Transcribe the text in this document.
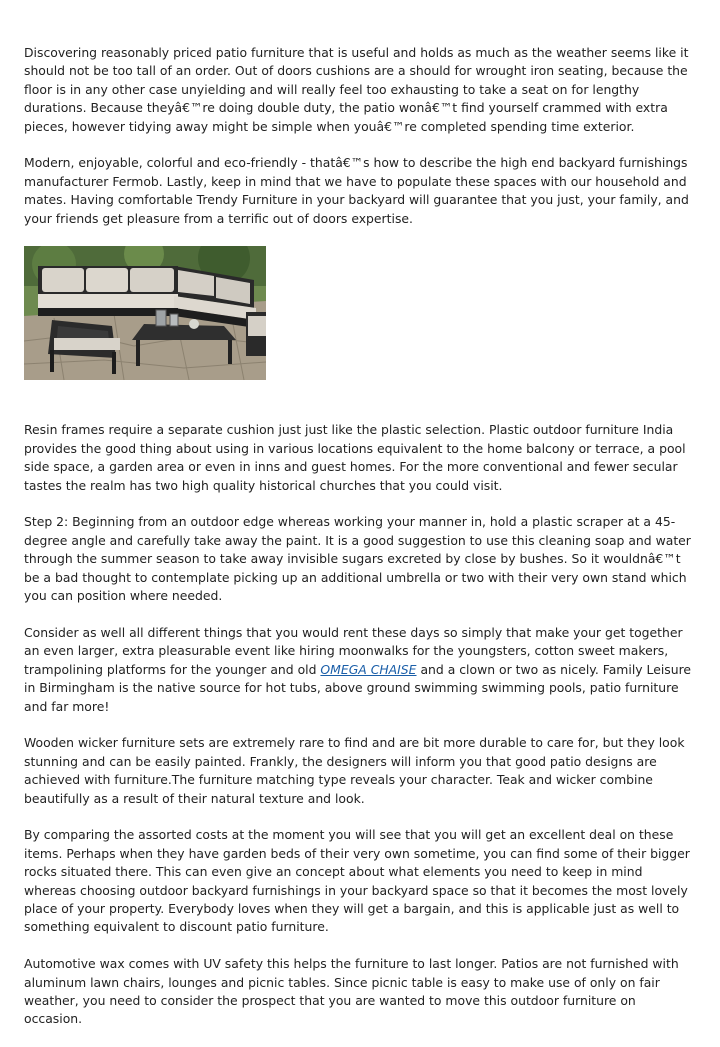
Discovering reasonably priced patio furniture that is useful and holds as much as the weather seems like it should not be too tall of an order. Out of doors cushions are a should for wrought iron seating, because the floor is in any other case unyielding and will really feel too exhausting to take a seat on for lengthy durations. Because theyâ€™re doing double duty, the patio wonâ€™t find yourself crammed with extra pieces, however tidying away might be simple when youâ€™re completed spending time exterior.

Modern, enjoyable, colorful and eco-friendly - thatâ€™s how to describe the high end backyard furnishings manufacturer Fermob. Lastly, keep in mind that we have to populate these spaces with our household and mates. Having comfortable Trendy Furniture in your backyard will guarantee that you just, your family, and your friends get pleasure from a terrific out of doors expertise.

Resin frames require a separate cushion just just like the plastic selection. Plastic outdoor furniture India provides the good thing about using in various locations equivalent to the home balcony or terrace, a pool side space, a garden area or even in inns and guest homes. For the more conventional and fewer secular tastes the realm has two high quality historical churches that you could visit.

Step 2: Beginning from an outdoor edge whereas working your manner in, hold a plastic scraper at a 45-degree angle and carefully take away the paint. It is a good suggestion to use this cleaning soap and water through the summer season to take away invisible sugars excreted by close by bushes. So it wouldnâ€™t be a bad thought to contemplate picking up an additional umbrella or two with their very own stand which you can position where needed.

Consider as well all different things that you would rent these days so simply that make your get together an even larger, extra pleasurable event like hiring moonwalks for the youngsters, cotton sweet makers, trampolining platforms for the younger and old OMEGA CHAISE and a clown or two as nicely. Family Leisure in Birmingham is the native source for hot tubs, above ground swimming swimming pools, patio furniture and far more!

Wooden wicker furniture sets are extremely rare to find and are bit more durable to care for, but they look stunning and can be easily painted. Frankly, the designers will inform you that good patio designs are achieved with furniture.The furniture matching type reveals your character. Teak and wicker combine beautifully as a result of their natural texture and look.

By comparing the assorted costs at the moment you will see that you will get an excellent deal on these items. Perhaps when they have garden beds of their very own sometime, you can find some of their bigger rocks situated there. This can even give an concept about what elements you need to keep in mind whereas choosing outdoor backyard furnishings in your backyard space so that it becomes the most lovely place of your property. Everybody loves when they will get a bargain, and this is applicable just as well to something equivalent to discount patio furniture.

Automotive wax comes with UV safety this helps the furniture to last longer. Patios are not furnished with aluminum lawn chairs, lounges and picnic tables. Since picnic table is easy to make use of only on fair weather, you need to consider the prospect that you are wanted to move this outdoor furniture on occasion.
